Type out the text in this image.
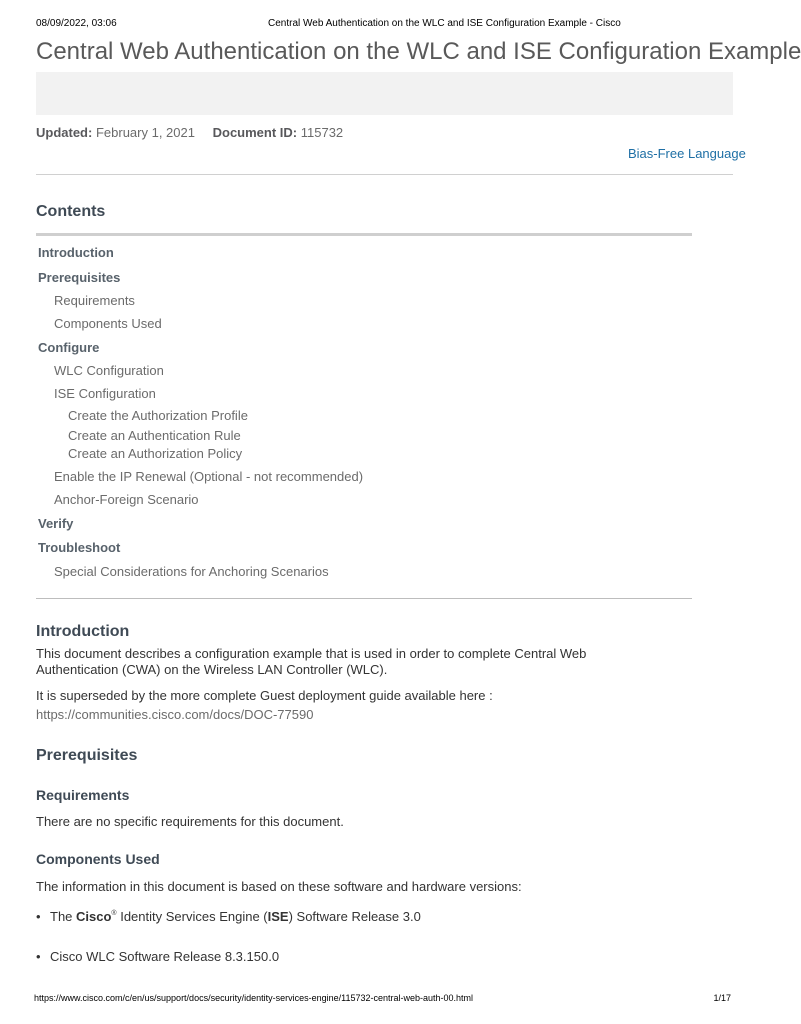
08/09/2022, 03:06	Central Web Authentication on the WLC and ISE Configuration Example - Cisco
Central Web Authentication on the WLC and ISE Configuration Example
Updated: February 1, 2021 Document ID: 115732
Bias-Free Language
Contents
Introduction
Prerequisites
Requirements
Components Used
Configure
WLC Configuration
ISE Configuration
Create the Authorization Profile
Create an Authentication Rule
Create an Authorization Policy
Enable the IP Renewal (Optional - not recommended)
Anchor-Foreign Scenario
Verify
Troubleshoot
Special Considerations for Anchoring Scenarios
Introduction

This document describes a configuration example that is used in order to complete Central Web Authentication (CWA) on the Wireless LAN Controller (WLC).

It is superseded by the more complete Guest deployment guide available here :

https://communities.cisco.com/docs/DOC-77590

Prerequisites
Requirements

There are no specific requirements for this document.

Components Used

The information in this document is based on these software and hardware versions:

• The Cisco® Identity Services Engine (ISE) Software Release 3.0
• Cisco WLC Software Release 8.3.150.0
https://www.cisco.com/c/en/us/support/docs/security/identity-services-engine/115732-central-web-auth-00.html	1/17
